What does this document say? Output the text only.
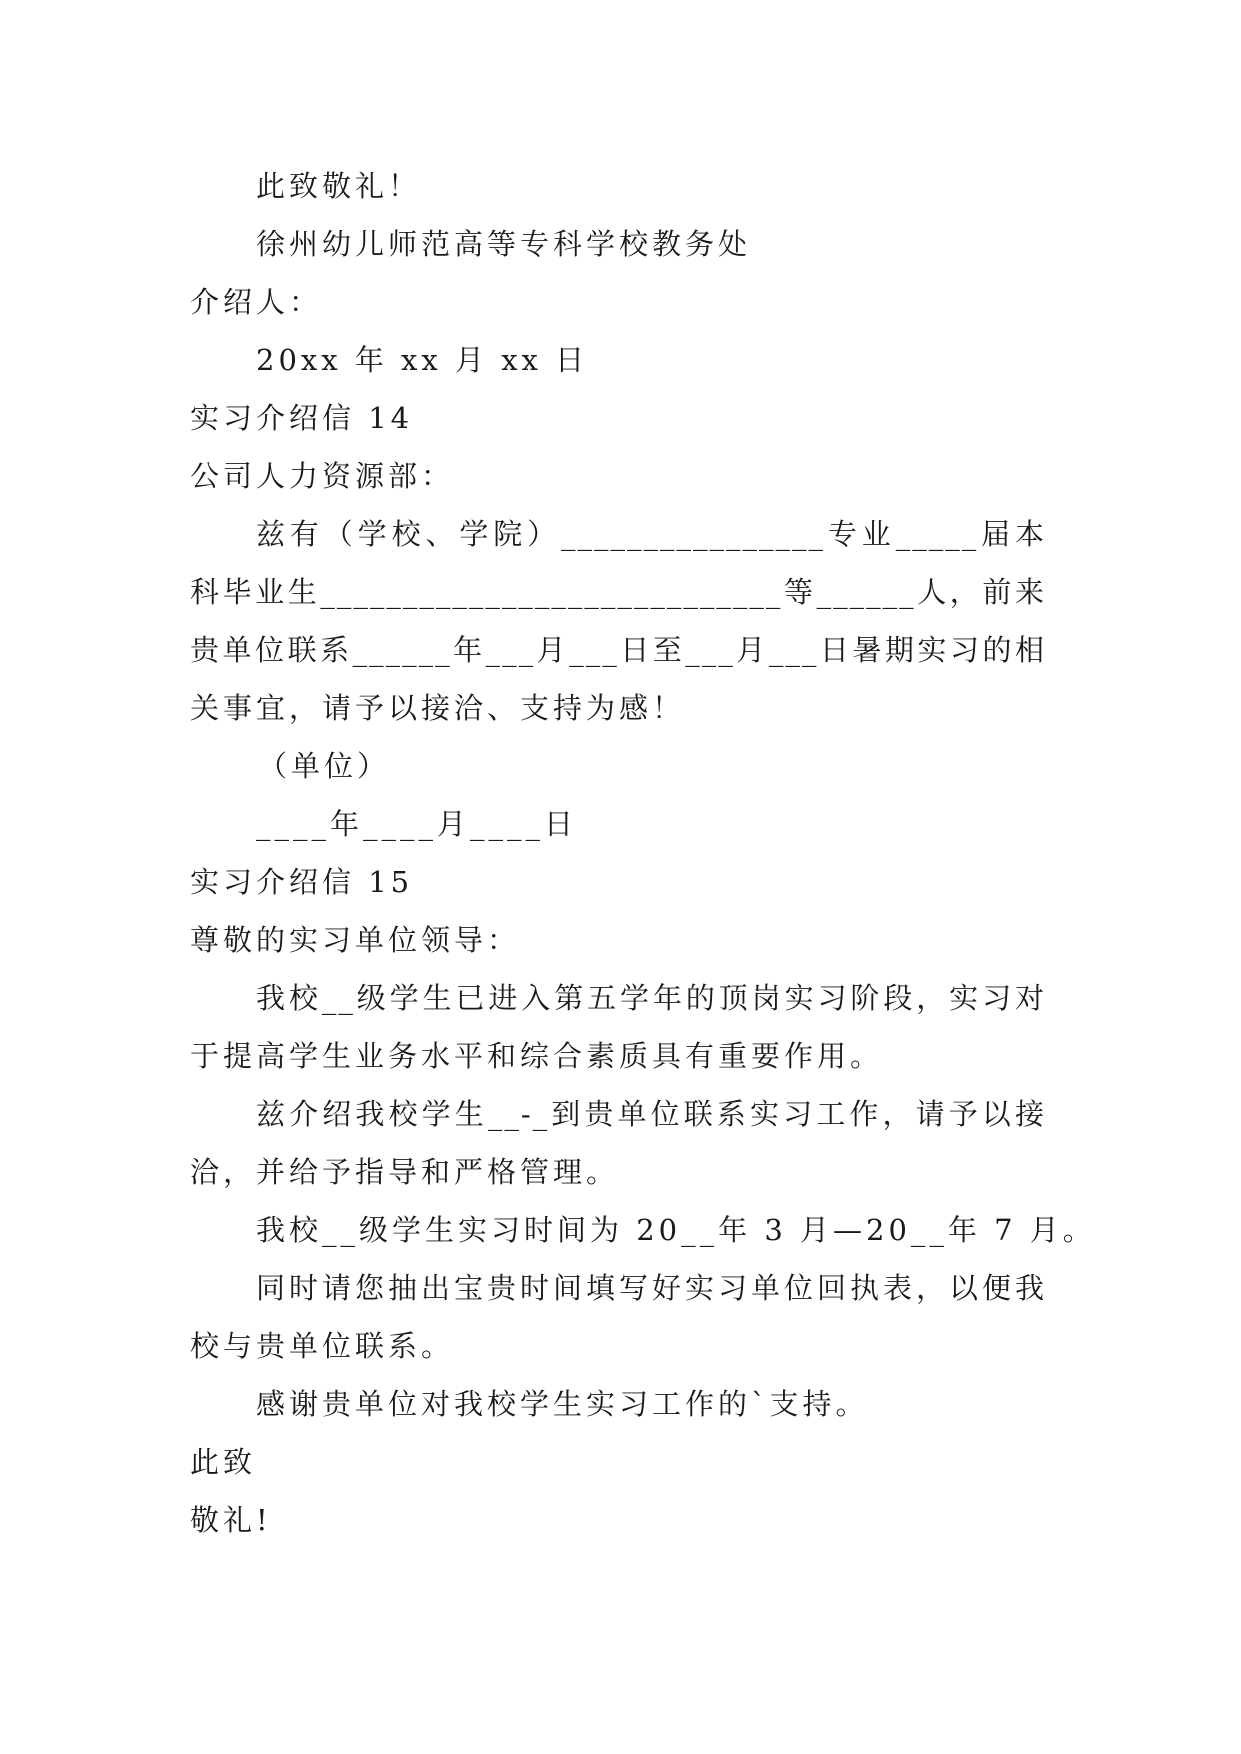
此致敬礼！
徐州幼儿师范高等专科学校教务处
介绍人：
20xx 年 xx 月 xx 日
实习介绍信 14
公司人力资源部：
兹有（学校、学院）________________专业_____届本
科毕业生____________________________等______人，前来
贵单位联系______年___月___日至___月___日暑期实习的相
关事宜，请予以接洽、支持为感！
（单位）
____年____月____日
实习介绍信 15
尊敬的实习单位领导：
我校__级学生已进入第五学年的顶岗实习阶段，实习对
于提高学生业务水平和综合素质具有重要作用。
兹介绍我校学生__-_到贵单位联系实习工作，请予以接
洽，并给予指导和严格管理。
我校__级学生实习时间为 20__年 3 月—20__年 7 月。
同时请您抽出宝贵时间填写好实习单位回执表，以便我
校与贵单位联系。
感谢贵单位对我校学生实习工作的`支持。
此致
敬礼!
